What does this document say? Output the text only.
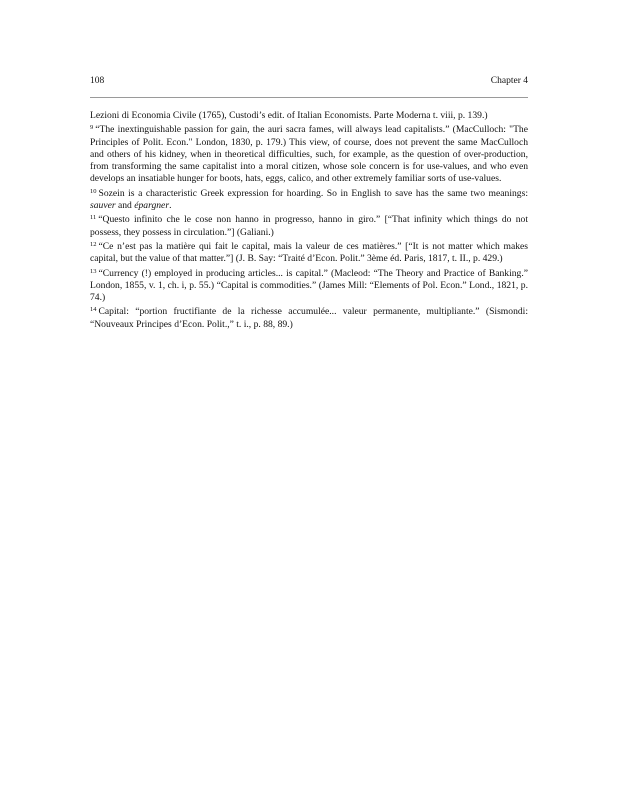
108	Chapter 4

Lezioni di Economia Civile (1765), Custodi’s edit. of Italian Economists. Parte Moderna t. viii, p. 139.)

$^9$ “The inextinguishable passion for gain, the auri sacra fames, will always lead capitalists.” (MacCulloch: "The Principles of Polit. Econ." London, 1830, p. 179.) This view, of course, does not prevent the same MacCulloch and others of his kidney, when in theoretical difficulties, such, for example, as the question of over-production, from transforming the same capitalist into a moral citizen, whose sole concern is for use-values, and who even develops an insatiable hunger for boots, hats, eggs, calico, and other extremely familiar sorts of use-values.

$^{10}$ Sozein is a characteristic Greek expression for hoarding. So in English to save has the same two meanings: sauver and épargner.

$^{11}$ “Questo infinito che le cose non hanno in progresso, hanno in giro.” [“That infinity which things do not possess, they possess in circulation.”] (Galiani.)

$^{12}$ “Ce n’est pas la matière qui fait le capital, mais la valeur de ces matières.” [“It is not matter which makes capital, but the value of that matter.”] (J. B. Say: “Traité d’Econ. Polit.” 3ème éd. Paris, 1817, t. II., p. 429.)

$^{13}$ “Currency (!) employed in producing articles... is capital.” (Macleod: “The Theory and Practice of Banking.” London, 1855, v. 1, ch. i, p. 55.) “Capital is commodities.” (James Mill: “Elements of Pol. Econ.” Lond., 1821, p. 74.)

$^{14}$ Capital: “portion fructifiante de la richesse accumulée... valeur permanente, multipliante.” (Sismondi: “Nouveaux Principes d’Econ. Polit.,” t. i., p. 88, 89.)
